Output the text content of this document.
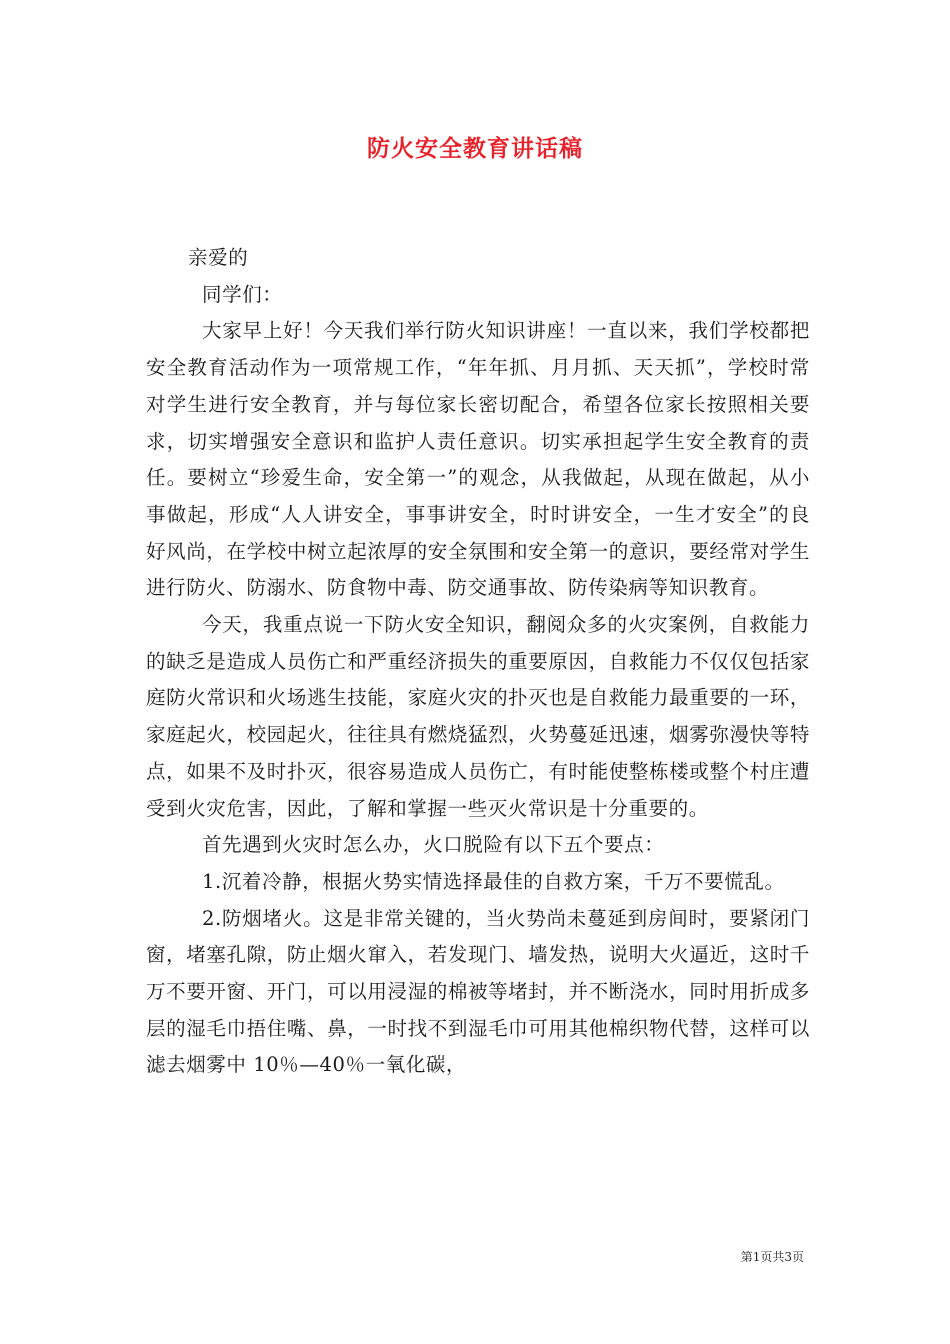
防火安全教育讲话稿

亲爱的

同学们：

大家早上好！今天我们举行防火知识讲座！一直以来，我们学校都把安全教育活动作为一项常规工作，“年年抓、月月抓、天天抓”，学校时常对学生进行安全教育，并与每位家长密切配合，希望各位家长按照相关要求，切实增强安全意识和监护人责任意识。切实承担起学生安全教育的责任。要树立“珍爱生命，安全第一”的观念，从我做起，从现在做起，从小事做起，形成“人人讲安全，事事讲安全，时时讲安全，一生才安全”的良好风尚，在学校中树立起浓厚的安全氛围和安全第一的意识，要经常对学生进行防火、防溺水、防食物中毒、防交通事故、防传染病等知识教育。

今天，我重点说一下防火安全知识，翻阅众多的火灾案例，自救能力的缺乏是造成人员伤亡和严重经济损失的重要原因，自救能力不仅仅包括家庭防火常识和火场逃生技能，家庭火灾的扑灭也是自救能力最重要的一环，家庭起火，校园起火，往往具有燃烧猛烈，火势蔓延迅速，烟雾弥漫快等特点，如果不及时扑灭，很容易造成人员伤亡，有时能使整栋楼或整个村庄遭受到火灾危害，因此，了解和掌握一些灭火常识是十分重要的。

首先遇到火灾时怎么办，火口脱险有以下五个要点：

1.沉着冷静，根据火势实情选择最佳的自救方案，千万不要慌乱。

2.防烟堵火。这是非常关键的，当火势尚未蔓延到房间时，要紧闭门窗，堵塞孔隙，防止烟火窜入，若发现门、墙发热，说明大火逼近，这时千万不要开窗、开门，可以用浸湿的棉被等堵封，并不断浇水，同时用折成多层的湿毛巾捂住嘴、鼻，一时找不到湿毛巾可用其他棉织物代替，这样可以滤去烟雾中 10％—40％一氧化碳，

第1页共3页
